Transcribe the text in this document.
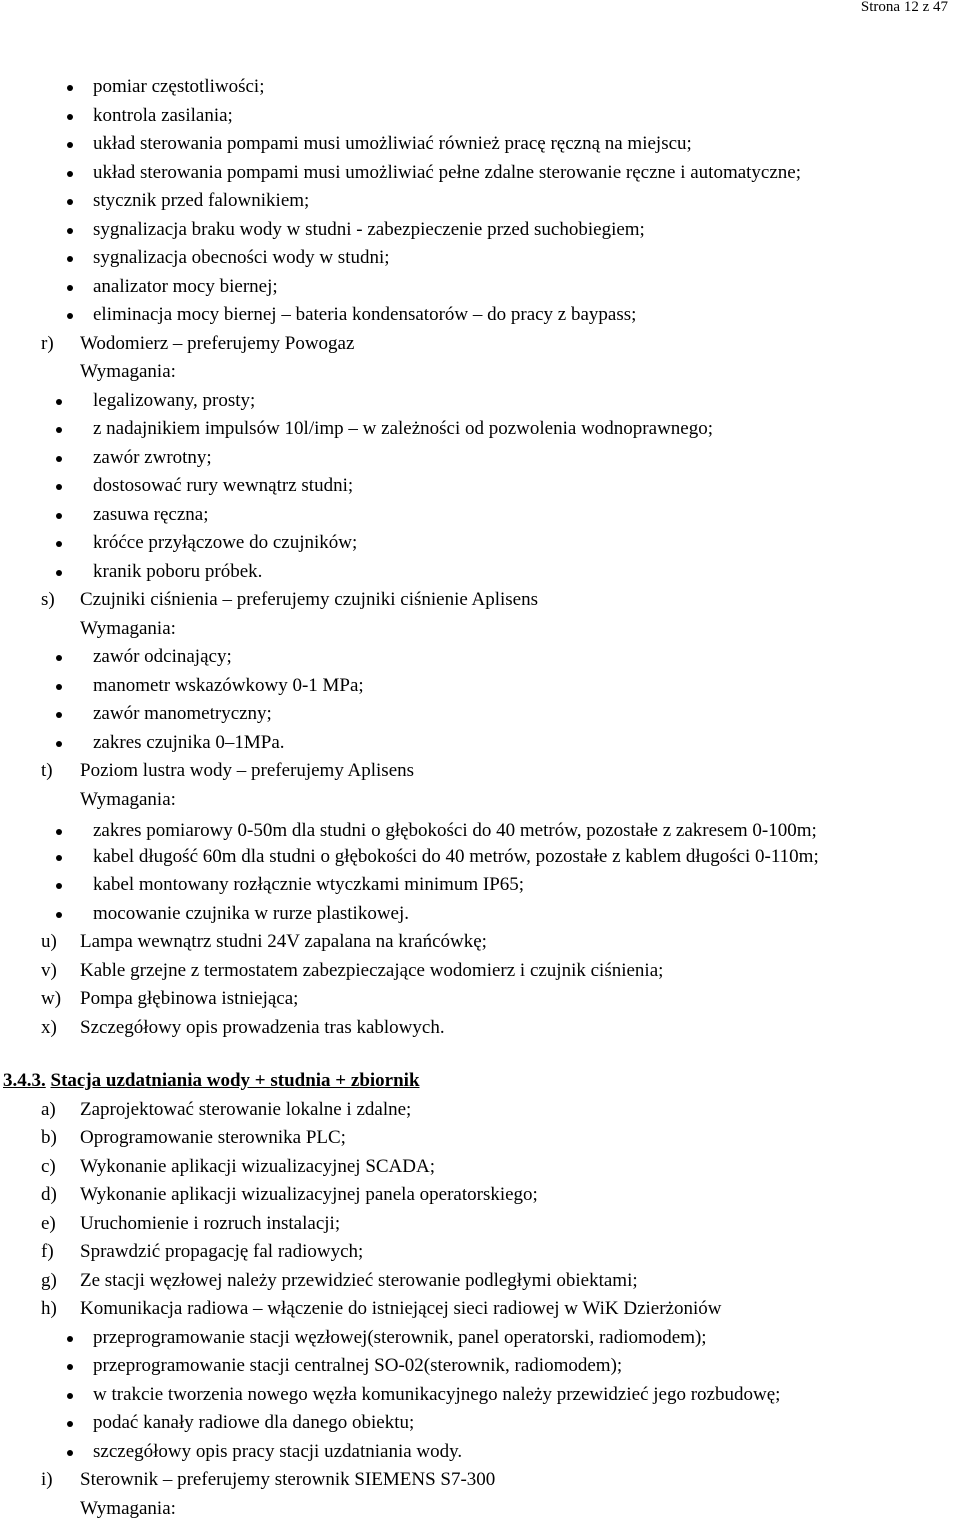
Strona 12 z 47
pomiar częstotliwości;
kontrola zasilania;
układ sterowania pompami musi umożliwiać również pracę ręczną na miejscu;
układ sterowania pompami musi umożliwiać pełne zdalne sterowanie ręczne i automatyczne;
stycznik przed falownikiem;
sygnalizacja braku wody w studni - zabezpieczenie przed suchobiegiem;
sygnalizacja obecności wody w studni;
analizator mocy biernej;
eliminacja mocy biernej – bateria kondensatorów – do pracy z baypass;
r) Wodomierz – preferujemy Powogaz
Wymagania:
legalizowany, prosty;
z nadajnikiem impulsów 10l/imp – w zależności od pozwolenia wodnoprawnego;
zawór zwrotny;
dostosować rury wewnątrz studni;
zasuwa ręczna;
króćce przyłączowe do czujników;
kranik poboru próbek.
s) Czujniki ciśnienia – preferujemy czujniki ciśnienie Aplisens
Wymagania:
zawór odcinający;
manometr wskazówkowy 0-1 MPa;
zawór manometryczny;
zakres czujnika 0–1MPa.
t) Poziom lustra wody – preferujemy Aplisens
Wymagania:
zakres pomiarowy 0-50m dla studni o głębokości do 40 metrów, pozostałe z zakresem 0-100m;
kabel długość 60m dla studni o głębokości do 40 metrów, pozostałe z kablem długości 0-110m;
kabel montowany rozłącznie wtyczkami minimum IP65;
mocowanie czujnika w rurze plastikowej.
u) Lampa wewnątrz studni 24V zapalana na krańcówkę;
v) Kable grzejne z termostatem zabezpieczające wodomierz i czujnik ciśnienia;
w) Pompa głębinowa istniejąca;
x) Szczegółowy opis prowadzenia tras kablowych.
3.4.3. Stacja uzdatniania wody + studnia + zbiornik
a) Zaprojektować sterowanie lokalne i zdalne;
b) Oprogramowanie sterownika PLC;
c) Wykonanie aplikacji wizualizacyjnej SCADA;
d) Wykonanie aplikacji wizualizacyjnej panela operatorskiego;
e) Uruchomienie i rozruch instalacji;
f) Sprawdzić propagację fal radiowych;
g) Ze stacji węzłowej należy przewidzieć sterowanie podległymi obiektami;
h) Komunikacja radiowa – włączenie do istniejącej sieci radiowej w WiK Dzierżoniów
przeprogramowanie stacji węzłowej(sterownik, panel operatorski, radiomodem);
przeprogramowanie stacji centralnej SO-02(sterownik, radiomodem);
w trakcie tworzenia nowego węzła komunikacyjnego należy przewidzieć jego rozbudowę;
podać kanały radiowe dla danego obiektu;
szczegółowy opis pracy stacji uzdatniania wody.
i) Sterownik – preferujemy sterownik SIEMENS S7-300
Wymagania:
